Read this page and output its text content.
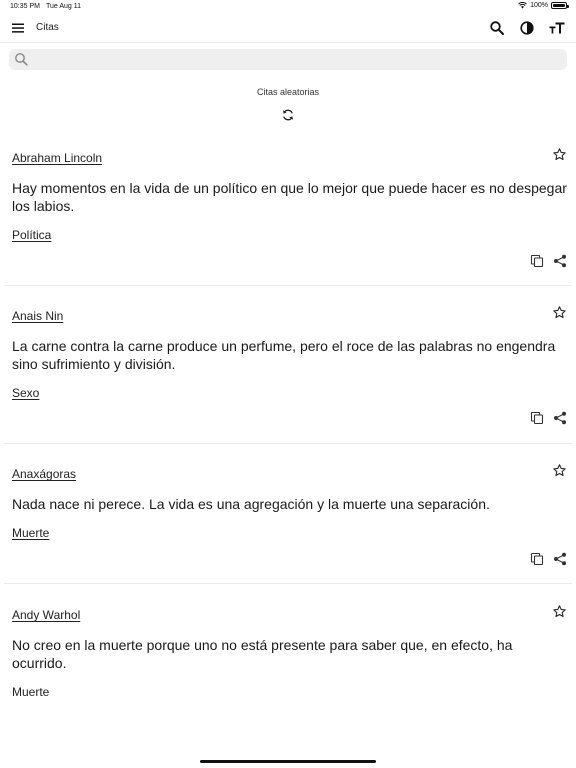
10:35 PM Tue Aug 11	100%
Citas
Citas aleatorias
Abraham Lincoln
Hay momentos en la vida de un político en que lo mejor que puede hacer es no despegar los labios.
Política
Anais Nin
La carne contra la carne produce un perfume, pero el roce de las palabras no engendra sino sufrimiento y división.
Sexo
Anaxágoras
Nada nace ni perece. La vida es una agregación y la muerte una separación.
Muerte
Andy Warhol
No creo en la muerte porque uno no está presente para saber que, en efecto, ha ocurrido.
Muerte
